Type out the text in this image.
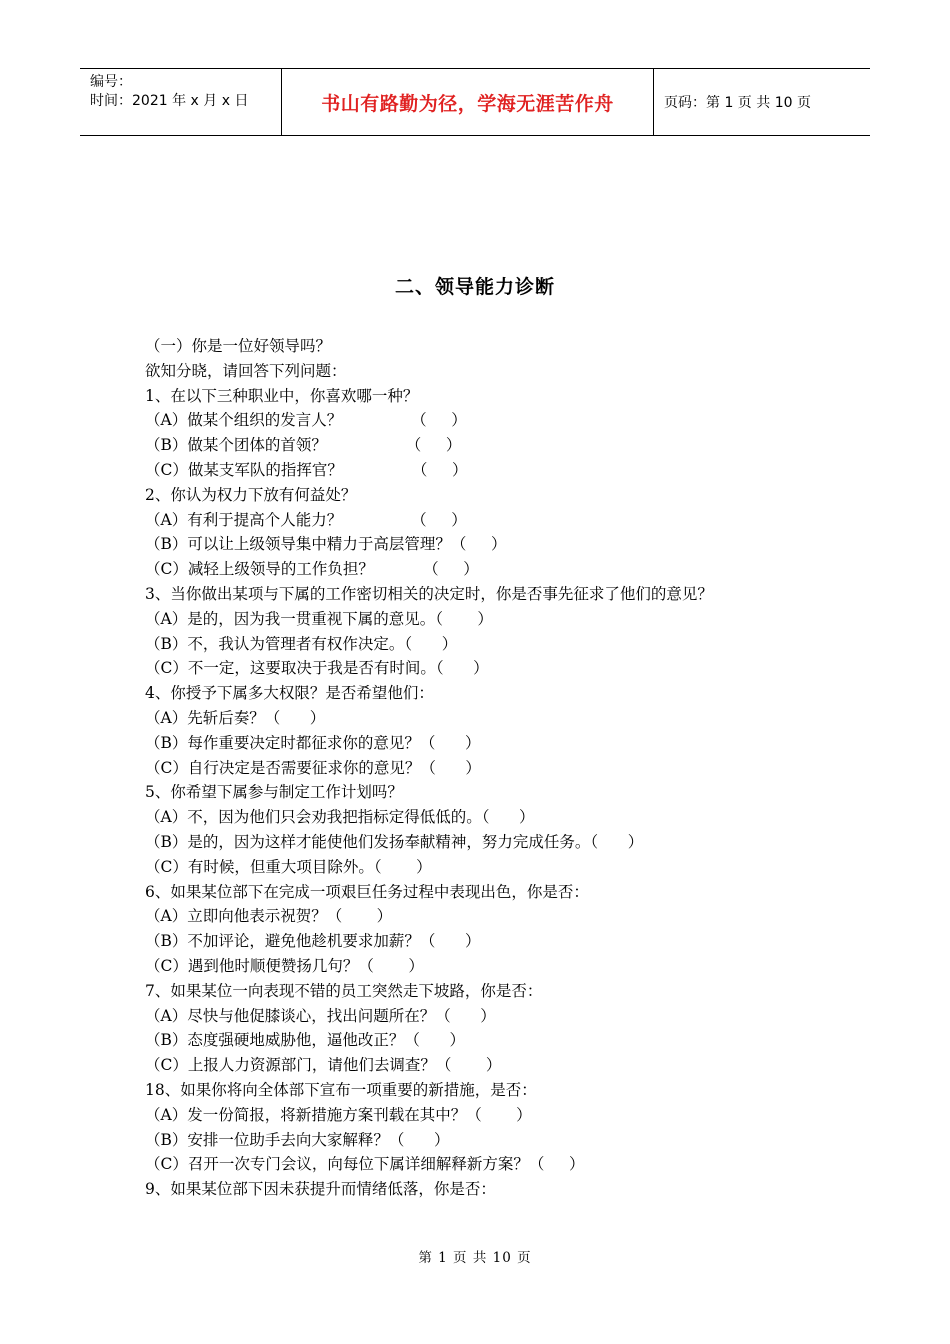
编号：
时间：2021 年 x 月 x 日	书山有路勤为径，学海无涯苦作舟	页码：第 1 页 共 10 页
二、领导能力诊断
（一）你是一位好领导吗？
欲知分晓，请回答下列问题：
1、在以下三种职业中，你喜欢哪一种？
（A）做某个组织的发言人？              （     ）
（B）做某个团体的首领？                （     ）
（C）做某支军队的指挥官？              （     ）
2、你认为权力下放有何益处？
（A）有利于提高个人能力？              （     ）
（B）可以让上级领导集中精力于高层管理？（     ）
（C）减轻上级领导的工作负担？          （     ）
3、当你做出某项与下属的工作密切相关的决定时，你是否事先征求了他们的意见？
（A）是的，因为我一贯重视下属的意见。（       ）
（B）不，我认为管理者有权作决定。（      ）
（C）不一定，这要取决于我是否有时间。（      ）
4、你授予下属多大权限？是否希望他们：
（A）先斩后奏？（      ）
（B）每作重要决定时都征求你的意见？（      ）
（C）自行决定是否需要征求你的意见？（      ）
5、你希望下属参与制定工作计划吗？
（A）不，因为他们只会劝我把指标定得低低的。（      ）
（B）是的，因为这样才能使他们发扬奉献精神，努力完成任务。（      ）
（C）有时候，但重大项目除外。（       ）
6、如果某位部下在完成一项艰巨任务过程中表现出色，你是否：
（A）立即向他表示祝贺？（       ）
（B）不加评论，避免他趁机要求加薪？（      ）
（C）遇到他时顺便赞扬几句？（       ）
7、如果某位一向表现不错的员工突然走下坡路，你是否：
（A）尽快与他促膝谈心，找出问题所在？（      ）
（B）态度强硬地威胁他，逼他改正？（      ）
（C）上报人力资源部门，请他们去调查？（       ）
18、如果你将向全体部下宣布一项重要的新措施，是否：
（A）发一份简报，将新措施方案刊载在其中？（       ）
（B）安排一位助手去向大家解释？（      ）
（C）召开一次专门会议，向每位下属详细解释新方案？（     ）
9、如果某位部下因未获提升而情绪低落，你是否：
第 1 页 共 10 页
